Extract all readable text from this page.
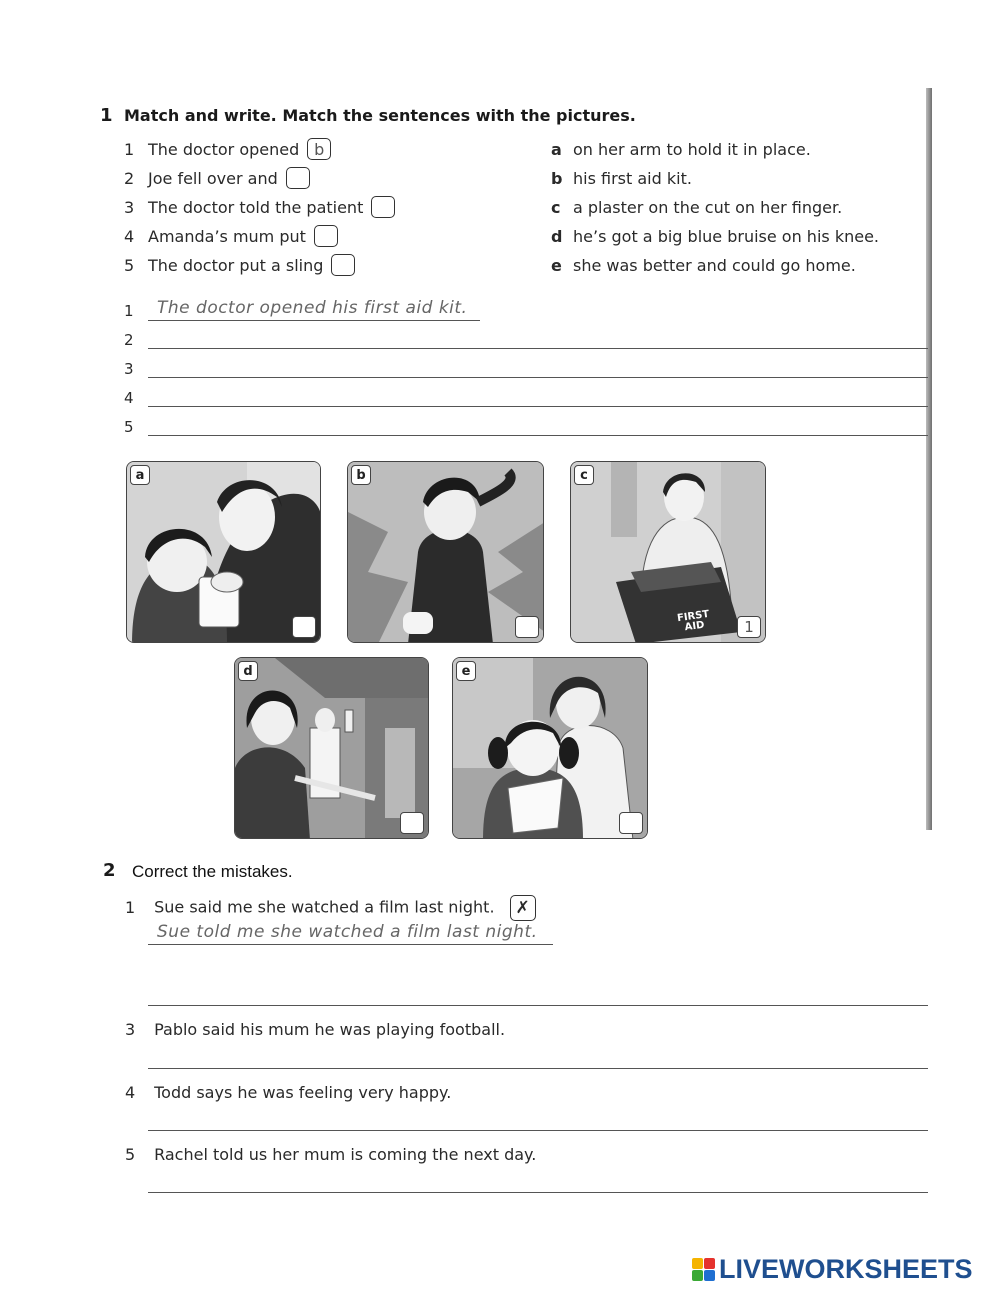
1 Match and write. Match the sentences with the pictures.
1 The doctor opened b
2 Joe fell over and
3 The doctor told the patient
4 Amanda’s mum put
5 The doctor put a sling
a on her arm to hold it in place.
b his first aid kit.
c a plaster on the cut on her finger.
d he’s got a big blue bruise on his knee.
e she was better and could go home.
1 The doctor opened his first aid kit.
2
3
4
5
a	b
FIRST AID
c
1
d	e
2 Correct the mistakes.
1 Sue said me she watched a film last night. ✗
Sue told me she watched a film last night.
3 Pablo said his mum he was playing football.
4 Todd says he was feeling very happy.
5 Rachel told us her mum is coming the next day.
LIVEWORKSHEETS
